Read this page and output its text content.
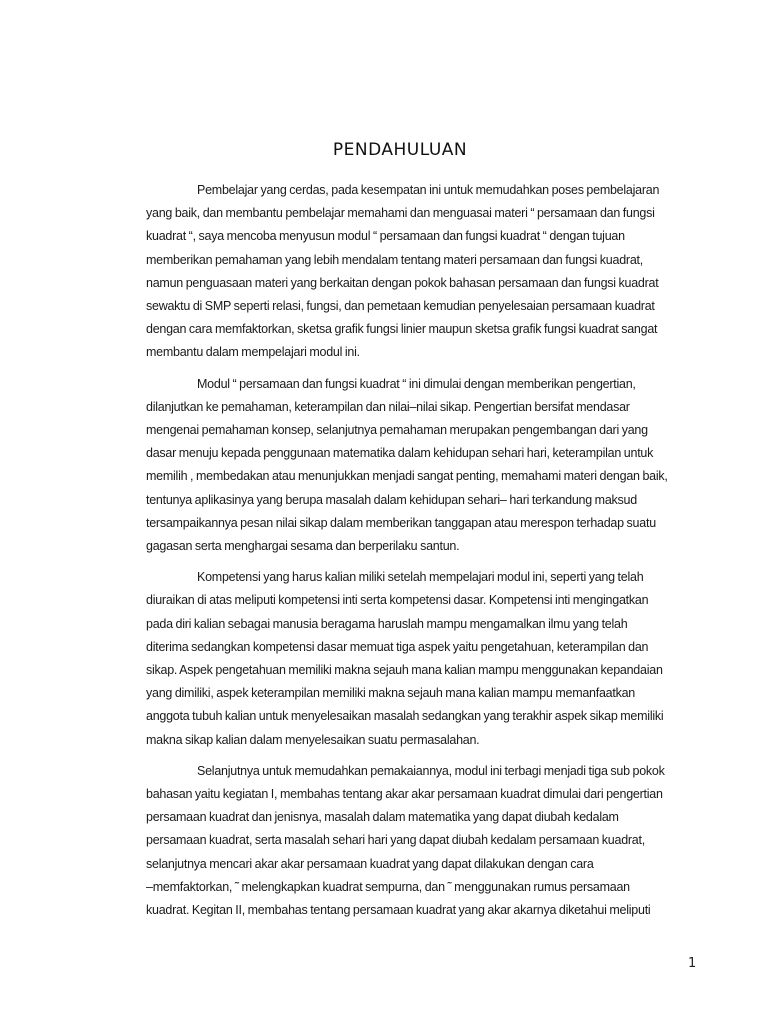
PENDAHULUAN

Pembelajar yang cerdas, pada kesempatan ini untuk memudahkan poses pembelajaran
yang baik, dan membantu pembelajar memahami dan menguasai materi “ persamaan dan fungsi
kuadrat “, saya mencoba menyusun modul “ persamaan dan fungsi kuadrat “ dengan tujuan
memberikan pemahaman yang lebih mendalam tentang materi persamaan dan fungsi kuadrat,
namun penguasaan materi yang berkaitan dengan pokok bahasan persamaan dan fungsi kuadrat
sewaktu di SMP seperti relasi, fungsi, dan pemetaan kemudian penyelesaian persamaan kuadrat
dengan cara memfaktorkan, sketsa grafik fungsi linier maupun sketsa grafik fungsi kuadrat sangat
membantu dalam mempelajari modul ini.

Modul “ persamaan dan fungsi kuadrat “ ini dimulai dengan memberikan pengertian,
dilanjutkan ke pemahaman, keterampilan dan nilai–nilai sikap. Pengertian bersifat mendasar
mengenai pemahaman konsep, selanjutnya pemahaman merupakan pengembangan dari yang
dasar menuju kepada penggunaan matematika dalam kehidupan sehari hari, keterampilan untuk
memilih , membedakan atau menunjukkan menjadi sangat penting, memahami materi dengan baik,
tentunya aplikasinya yang berupa masalah dalam kehidupan sehari– hari terkandung maksud
tersampaikannya pesan nilai sikap dalam memberikan tanggapan atau merespon terhadap suatu
gagasan serta menghargai sesama dan berperilaku santun.

Kompetensi yang harus kalian miliki setelah mempelajari modul ini, seperti yang telah
diuraikan di atas meliputi kompetensi inti serta kompetensi dasar. Kompetensi inti mengingatkan
pada diri kalian sebagai manusia beragama haruslah mampu mengamalkan ilmu yang telah
diterima sedangkan kompetensi dasar memuat tiga aspek yaitu pengetahuan, keterampilan dan
sikap. Aspek pengetahuan memiliki makna sejauh mana kalian mampu menggunakan kepandaian
yang dimiliki, aspek keterampilan memiliki makna sejauh mana kalian mampu memanfaatkan
anggota tubuh kalian untuk menyelesaikan masalah sedangkan yang terakhir aspek sikap memiliki
makna sikap kalian dalam menyelesaikan suatu permasalahan.

Selanjutnya untuk memudahkan pemakaiannya, modul ini terbagi menjadi tiga sub pokok
bahasan yaitu kegiatan I, membahas tentang akar akar persamaan kuadrat dimulai dari pengertian
persamaan kuadrat dan jenisnya, masalah dalam matematika yang dapat diubah kedalam
persamaan kuadrat, serta masalah sehari hari yang dapat diubah kedalam persamaan kuadrat,
selanjutnya mencari akar akar persamaan kuadrat yang dapat dilakukan dengan cara
‒memfaktorkan, ˜ melengkapkan kuadrat sempurna, dan ˜ menggunakan rumus persamaan
kuadrat. Kegitan II, membahas tentang persamaan kuadrat yang akar akarnya diketahui meliputi

1
